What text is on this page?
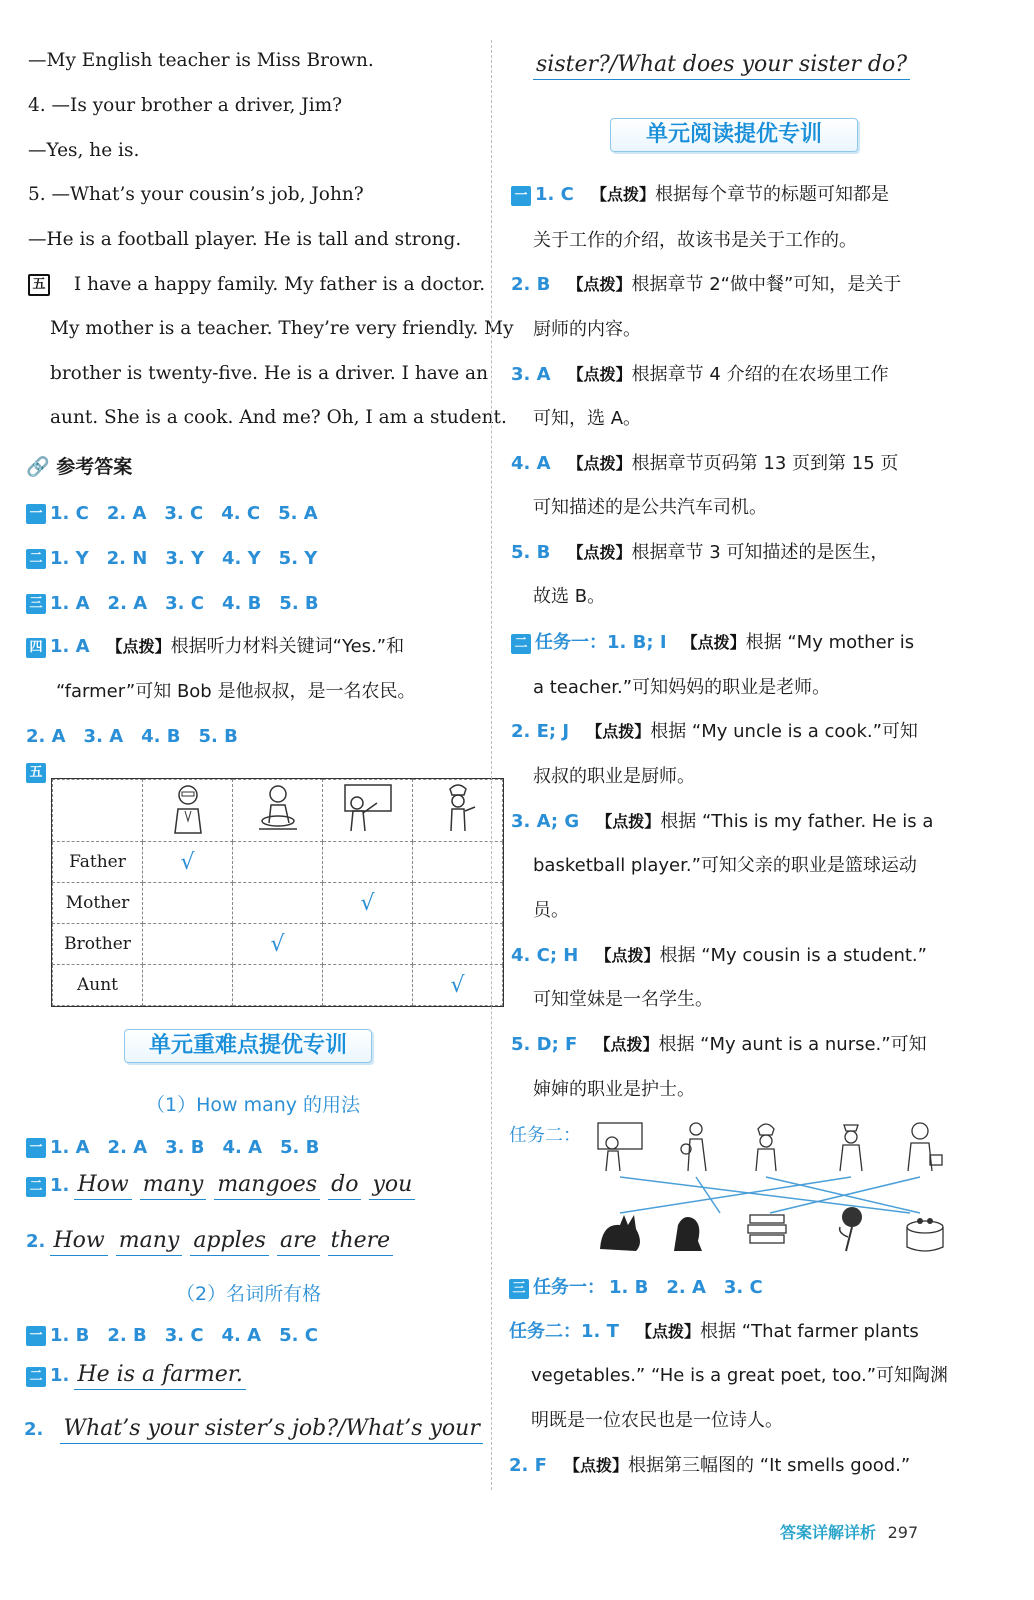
—My English teacher is Miss Brown.
4. —Is your brother a driver, Jim?
—Yes, he is.
5. —What’s your cousin’s job, John?
—He is a football player. He is tall and strong.
五 I have a happy family. My father is a doctor.
My mother is a teacher. They’re very friendly. My
brother is twenty-five. He is a driver. I have an
aunt. She is a cook. And me? Oh, I am a student.
🔗 参考答案
一 1. C　2. A　3. C　4. C　5. A
二 1. Y　2. N　3. Y　4. Y　5. Y
三 1. A　2. A　3. C　4. B　5. B
四 1. A 【点拨】根据听力材料关键词“Yes.”和
“farmer”可知 Bob 是他叔叔，是一名农民。
2. A　3. A　4. B　5. B
五

Father	√			
Mother			√	
Brother		√		
Aunt				√
单元重难点提优专训
（1）How many 的用法
一 1. A　2. A　3. B　4. A　5. B
二 1. How many mangoes do you
2. How many apples are there
（2）名词所有格
一 1. B　2. B　3. C　4. A　5. C
二 1. He is a farmer.
2. What’s your sister’s job?/What’s your
sister?/What does your sister do?
单元阅读提优专训
一 1. C 【点拨】根据每个章节的标题可知都是
关于工作的介绍，故该书是关于工作的。
2. B 【点拨】根据章节 2“做中餐”可知，是关于
厨师的内容。
3. A 【点拨】根据章节 4 介绍的在农场里工作
可知，选 A。
4. A 【点拨】根据章节页码第 13 页到第 15 页
可知描述的是公共汽车司机。
5. B 【点拨】根据章节 3 可知描述的是医生，
故选 B。
二 任务一：1. B; I 【点拨】根据 “My mother is
a teacher.”可知妈妈的职业是老师。
2. E; J 【点拨】根据 “My uncle is a cook.”可知
叔叔的职业是厨师。
3. A; G 【点拨】根据 “This is my father. He is a
basketball player.”可知父亲的职业是篮球运动
员。
4. C; H 【点拨】根据 “My cousin is a student.”
可知堂妹是一名学生。
5. D; F 【点拨】根据 “My aunt is a nurse.”可知
婶婶的职业是护士。
任务二：
三 任务一： 1. B　2. A　3. C
任务二：1. T 【点拨】根据 “That farmer plants
vegetables.” “He is a great poet, too.”可知陶渊
明既是一位农民也是一位诗人。
2. F 【点拨】根据第三幅图的 “It smells good.”
答案详解详析 297
